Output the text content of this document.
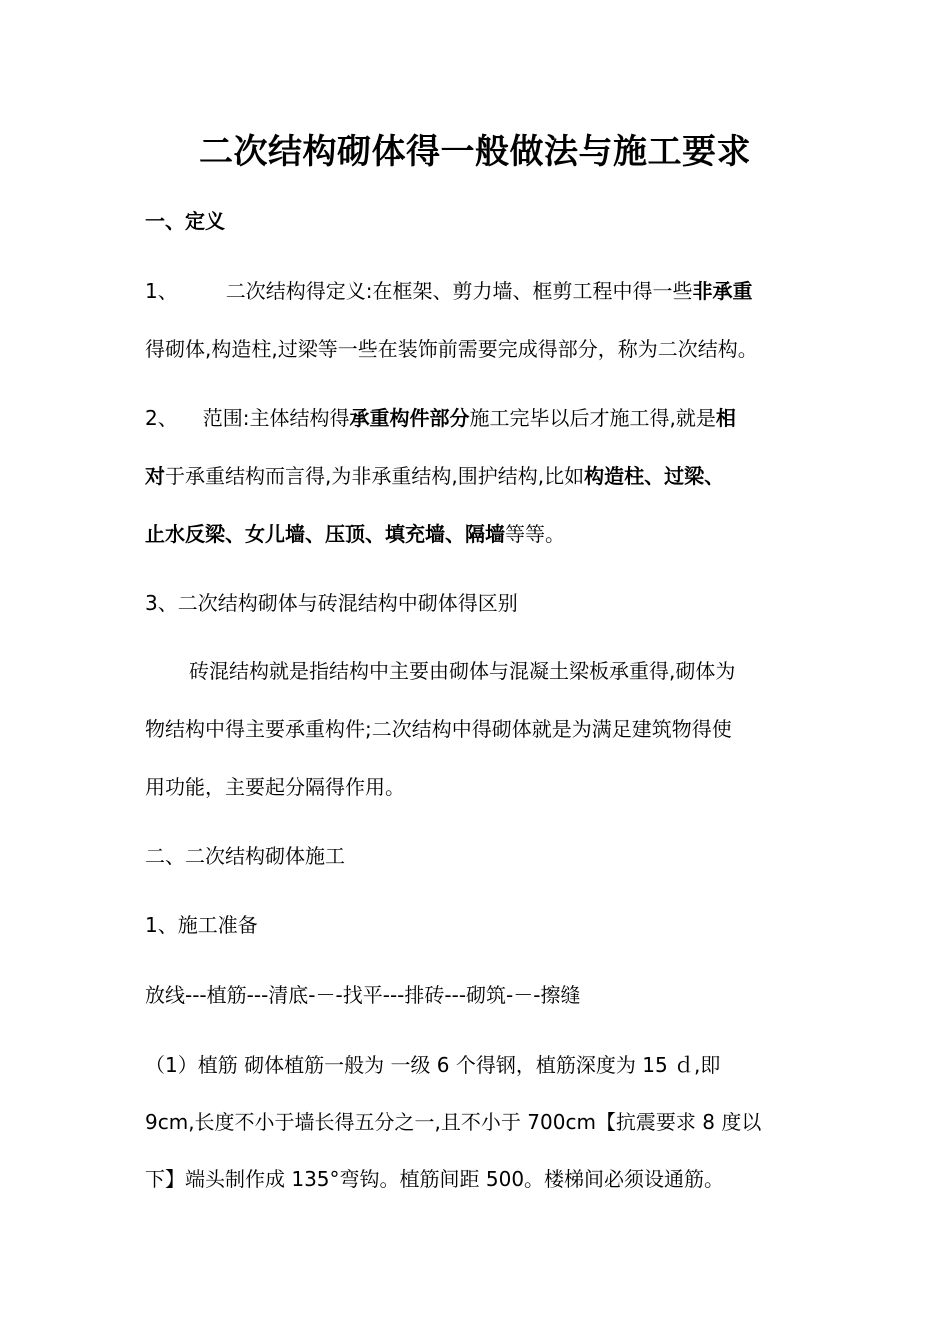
二次结构砌体得一般做法与施工要求
一、定义
1、 二次结构得定义:在框架、剪力墙、框剪工程中得一些非承重
得砌体,构造柱,过梁等一些在装饰前需要完成得部分，称为二次结构。
2、 范围:主体结构得承重构件部分施工完毕以后才施工得,就是相
对于承重结构而言得,为非承重结构,围护结构,比如构造柱、过梁、
止水反梁、女儿墙、压顶、填充墙、隔墙等等。
3、二次结构砌体与砖混结构中砌体得区别
砖混结构就是指结构中主要由砌体与混凝土梁板承重得,砌体为
物结构中得主要承重构件;二次结构中得砌体就是为满足建筑物得使
用功能，主要起分隔得作用。
二、二次结构砌体施工
1、施工准备
放线---植筋---清底-－-找平---排砖---砌筑-－-擦缝
（1）植筋 砌体植筋一般为 一级 6 个得钢，植筋深度为 15 ｄ,即
9cm,长度不小于墙长得五分之一,且不小于 700cm【抗震要求 8 度以
下】端头制作成 135°弯钩。植筋间距 500。楼梯间必须设通筋。
